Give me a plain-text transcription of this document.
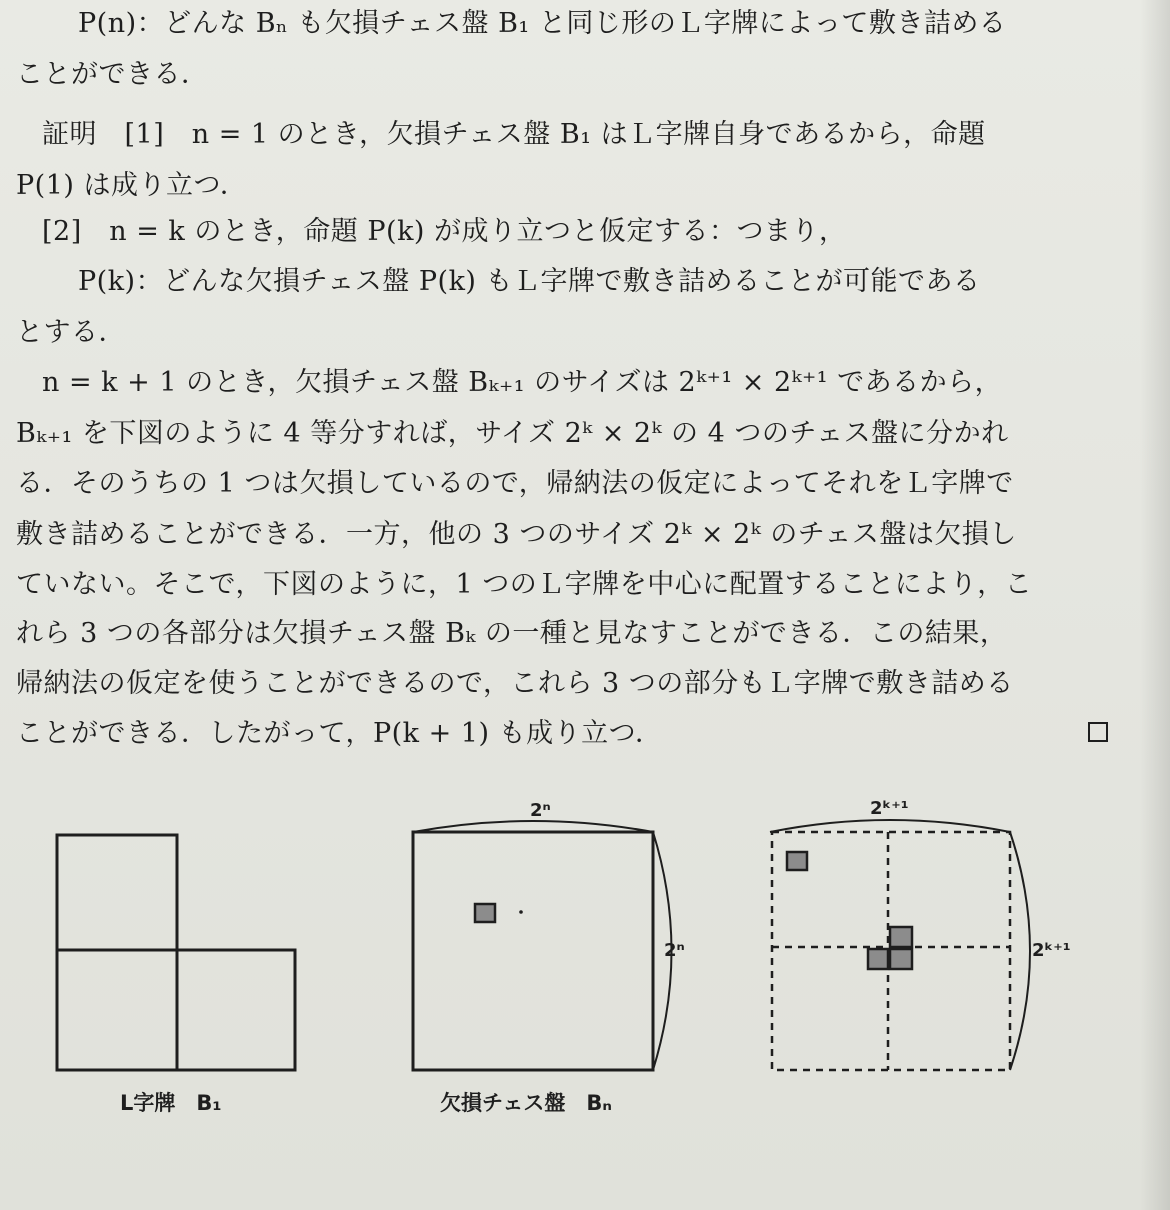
P(n)：どんな Bₙ も欠損チェス盤 B₁ と同じ形のＬ字牌によって敷き詰める
ことができる．
証明　[1]　n = 1 のとき，欠損チェス盤 B₁ はＬ字牌自身であるから，命題
P(1) は成り立つ．
[2]　n = k のとき，命題 P(k) が成り立つと仮定する：つまり，
P(k)：どんな欠損チェス盤 P(k) もＬ字牌で敷き詰めることが可能である
とする．
n = k + 1 のとき，欠損チェス盤 Bₖ₊₁ のサイズは 2ᵏ⁺¹ × 2ᵏ⁺¹ であるから，
Bₖ₊₁ を下図のように 4 等分すれば，サイズ 2ᵏ × 2ᵏ の 4 つのチェス盤に分かれ
る．そのうちの 1 つは欠損しているので，帰納法の仮定によってそれをＬ字牌で
敷き詰めることができる．一方，他の 3 つのサイズ 2ᵏ × 2ᵏ のチェス盤は欠損し
ていない。そこで，下図のように，1 つのＬ字牌を中心に配置することにより，こ
れら 3 つの各部分は欠損チェス盤 Bₖ の一種と見なすことができる．この結果，
帰納法の仮定を使うことができるので，これら 3 つの部分もＬ字牌で敷き詰める
ことができる．したがって，P(k + 1) も成り立つ．
2ⁿ
2ⁿ
2ᵏ⁺¹
2ᵏ⁺¹
L字牌　B₁	欠損チェス盤　Bₙ
